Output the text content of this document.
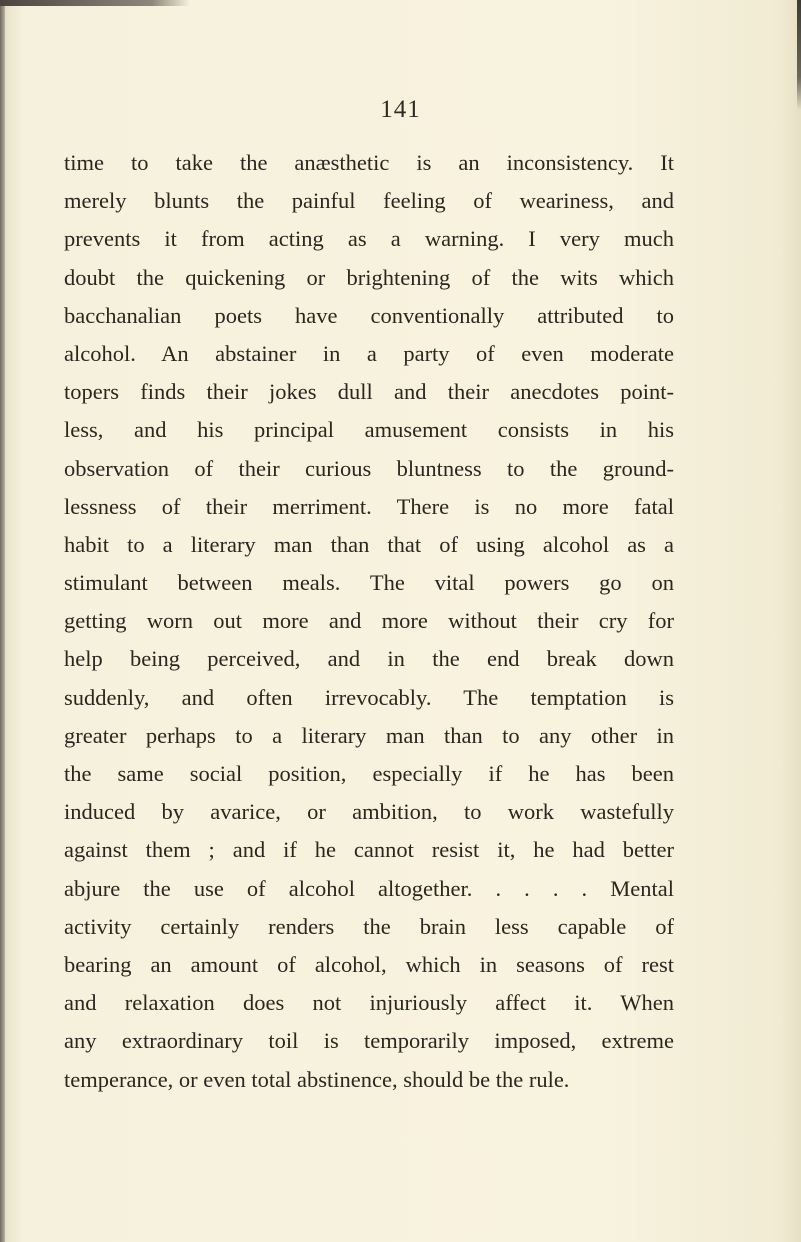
141
time to take the anæsthetic is an inconsistency. It
merely blunts the painful feeling of weariness, and
prevents it from acting as a warning. I very much
doubt the quickening or brightening of the wits which
bacchanalian poets have conventionally attributed to
alcohol. An abstainer in a party of even moderate
topers finds their jokes dull and their anecdotes point-
less, and his principal amusement consists in his
observation of their curious bluntness to the ground-
lessness of their merriment. There is no more fatal
habit to a literary man than that of using alcohol as a
stimulant between meals. The vital powers go on
getting worn out more and more without their cry for
help being perceived, and in the end break down
suddenly, and often irrevocably. The temptation is
greater perhaps to a literary man than to any other in
the same social position, especially if he has been
induced by avarice, or ambition, to work wastefully
against them ; and if he cannot resist it, he had better
abjure the use of alcohol altogether. . . . . Mental
activity certainly renders the brain less capable of
bearing an amount of alcohol, which in seasons of rest
and relaxation does not injuriously affect it. When
any extraordinary toil is temporarily imposed, extreme
temperance, or even total abstinence, should be the rule.
